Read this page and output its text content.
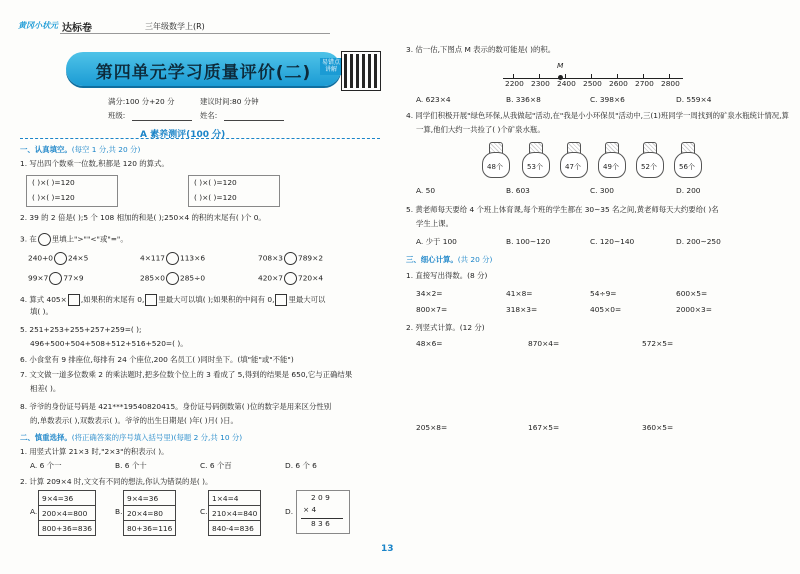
黄冈小状元 达标卷	三年级数学上(R)
第四单元学习质量评价(二)
易错点讲解
满分:100 分+20 分	建议时间:80 分钟
班级:	姓名:
A 素养测评(100 分)
一、认真填空。(每空 1 分,共 20 分)
1. 写出四个数乘一位数,积都是 120 的算式。
( )×( )=120
( )×( )=120
( )×( )=120
( )×( )=120
2. 39 的 2 倍是( );5 个 108 相加的和是( );250×4 的积的末尾有( )个 0。
3. 在 里填上">""<"或"="。
240+0 24×5	4×117 113×6	708×3 789×2
99×7 77×9	285×0 285÷0	420×7 720×4
4. 算式 405× ,如果积的末尾有 0, 里最大可以填( );如果积的中间有 0, 里最大可以
填( )。
5. 251+253+255+257+259=( );
496+500+504+508+512+516+520=( )。
6. 小食堂有 9 排座位,每排有 24 个座位,200 名员工( )同时坐下。(填"能"或"不能")
7. 文文做一道多位数乘 2 的乘法题时,把多位数个位上的 3 看成了 5,得到的结果是 650,它与正确结果
相差( )。
8. 爷爷的身份证号码是 421***19540820415。身份证号码倒数第( )位的数字是用来区分性别
的,单数表示( ),双数表示( )。爷爷的出生日期是( )年( )月( )日。
二、慎重选择。(将正确答案的序号填入括号里)(每题 2 分,共 10 分)
1. 用竖式计算 21×3 时,"2×3"的积表示( )。
A. 6 个一	B. 6 个十	C. 6 个百	D. 6 个 6
2. 计算 209×4 时,文文有不同的想法,你认为错误的是( )。
A.
9×4=36
200×4=800
800+36=836
B.
9×4=36
20×4=80
80+36=116
C.
1×4=4
210×4=840
840-4=836
D.
2 0 9
× 4
8 3 6
3. 估一估,下图点 M 表示的数可能是( )的积。
M
2200 2300 2400 2500 2600 2700 2800
A. 623×4	B. 336×8	C. 398×6	D. 559×4
4. 同学们积极开展"绿色环保,从我做起"活动,在"我是小小环保员"活动中,三(1)班同学一周找到的矿泉水瓶统计情况,算
一算,他们大约一共捡了( )个矿泉水瓶。
48个	53个	47个	49个	52个	56个
A. 50	B. 603	C. 300	D. 200
5. 黄老师每天要给 4 个班上体育课,每个班的学生都在 30~35 名之间,黄老师每天大约要给( )名
学生上课。
A. 少于 100	B. 100~120	C. 120~140	D. 200~250
三、细心计算。(共 20 分)
1. 直接写出得数。(8 分)
34×2=	41×8=	54÷9=	600×5=
800×7=	318×3=	405×0=	2000×3=
2. 列竖式计算。(12 分)
48×6=	870×4=	572×5=
205×8=	167×5=	360×5=
13
